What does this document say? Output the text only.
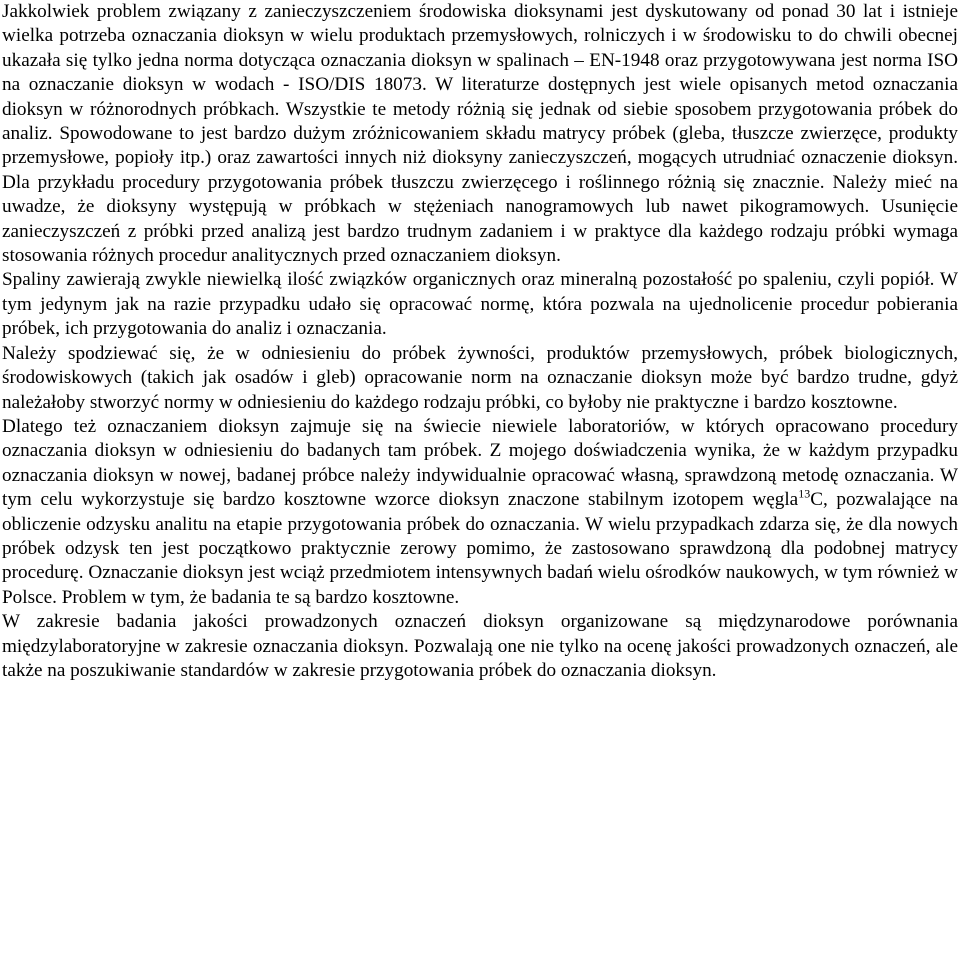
Jakkolwiek problem związany z zanieczyszczeniem środowiska dioksynami jest dyskutowany od ponad 30 lat i istnieje wielka potrzeba oznaczania dioksyn w wielu produktach przemysłowych, rolniczych i w środowisku to do chwili obecnej ukazała się tylko jedna norma dotycząca oznaczania dioksyn w spalinach – EN-1948 oraz przygotowywana jest norma ISO na oznaczanie dioksyn w wodach - ISO/DIS 18073. W literaturze dostępnych jest wiele opisanych metod oznaczania dioksyn w różnorodnych próbkach. Wszystkie te metody różnią się jednak od siebie sposobem przygotowania próbek do analiz. Spowodowane to jest bardzo dużym zróżnicowaniem składu matrycy próbek (gleba, tłuszcze zwierzęce, produkty przemysłowe, popioły itp.) oraz zawartości innych niż dioksyny zanieczyszczeń, mogących utrudniać oznaczenie dioksyn. Dla przykładu procedury przygotowania próbek tłuszczu zwierzęcego i roślinnego różnią się znacznie. Należy mieć na uwadze, że dioksyny występują w próbkach w stężeniach nanogramowych lub nawet pikogramowych. Usunięcie zanieczyszczeń z próbki przed analizą jest bardzo trudnym zadaniem i w praktyce dla każdego rodzaju próbki wymaga stosowania różnych procedur analitycznych przed oznaczaniem dioksyn.

Spaliny zawierają zwykle niewielką ilość związków organicznych oraz mineralną pozostałość po spaleniu, czyli popiół. W tym jedynym jak na razie przypadku udało się opracować normę, która pozwala na ujednolicenie procedur pobierania próbek, ich przygotowania do analiz i oznaczania.

Należy spodziewać się, że w odniesieniu do próbek żywności, produktów przemysłowych, próbek biologicznych, środowiskowych (takich jak osadów i gleb) opracowanie norm na oznaczanie dioksyn może być bardzo trudne, gdyż należałoby stworzyć normy w odniesieniu do każdego rodzaju próbki, co byłoby nie praktyczne i bardzo kosztowne.

Dlatego też oznaczaniem dioksyn zajmuje się na świecie niewiele laboratoriów, w których opracowano procedury oznaczania dioksyn w odniesieniu do badanych tam próbek. Z mojego doświadczenia wynika, że w każdym przypadku oznaczania dioksyn w nowej, badanej próbce należy indywidualnie opracować własną, sprawdzoną metodę oznaczania. W tym celu wykorzystuje się bardzo kosztowne wzorce dioksyn znaczone stabilnym izotopem węgla$^{13}$C, pozwalające na obliczenie odzysku analitu na etapie przygotowania próbek do oznaczania. W wielu przypadkach zdarza się, że dla nowych próbek odzysk ten jest początkowo praktycznie zerowy pomimo, że zastosowano sprawdzoną dla podobnej matrycy procedurę. Oznaczanie dioksyn jest wciąż przedmiotem intensywnych badań wielu ośrodków naukowych, w tym również w Polsce. Problem w tym, że badania te są bardzo kosztowne.

W zakresie badania jakości prowadzonych oznaczeń dioksyn organizowane są międzynarodowe porównania międzylaboratoryjne w zakresie oznaczania dioksyn. Pozwalają one nie tylko na ocenę jakości prowadzonych oznaczeń, ale także na poszukiwanie standardów w zakresie przygotowania próbek do oznaczania dioksyn.
